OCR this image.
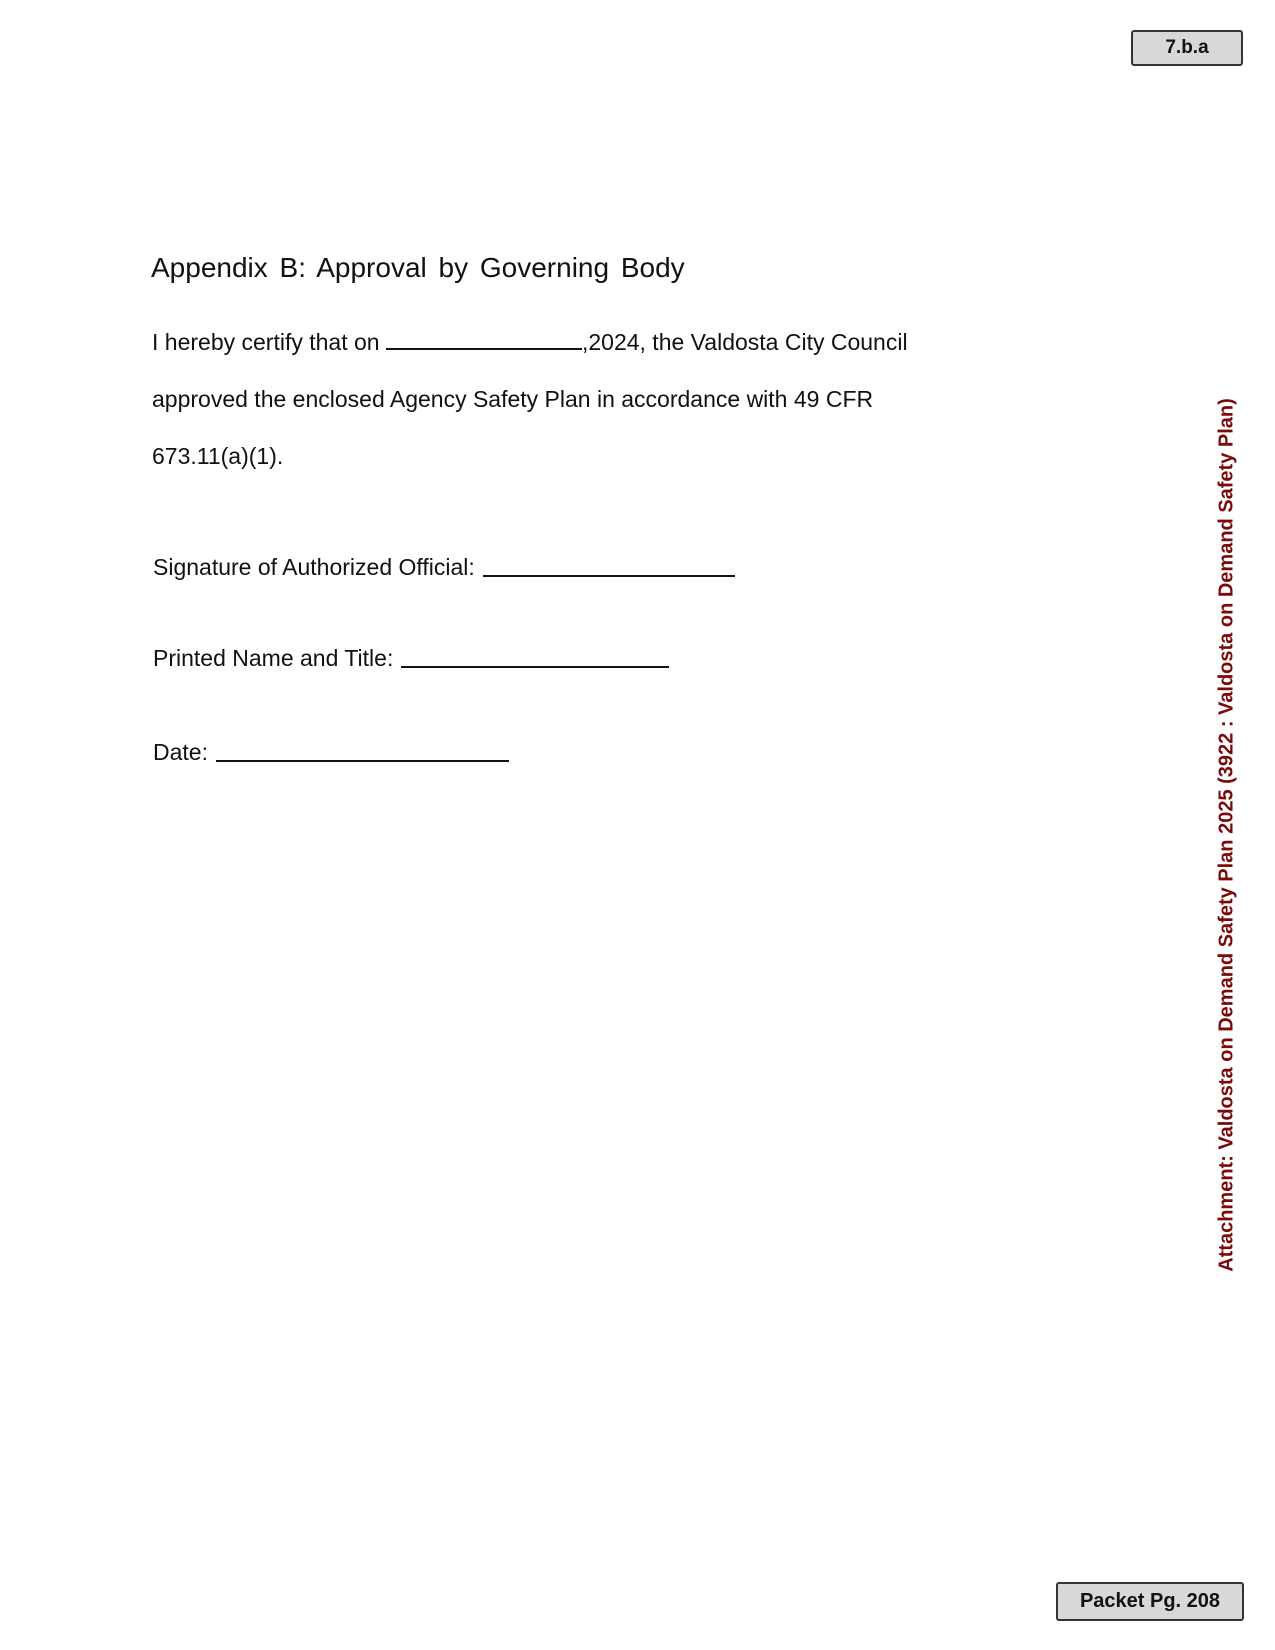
7.b.a
Attachment: Valdosta on Demand Safety Plan 2025 (3922 : Valdosta on Demand Safety Plan)
Appendix B: Approval by Governing Body

I hereby certify that on	,2024, the Valdosta City Council

approved the enclosed Agency Safety Plan in accordance with 49 CFR

673.11(a)(1).

Signature of Authorized Official:
Printed Name and Title:
Date:
Packet Pg. 208
